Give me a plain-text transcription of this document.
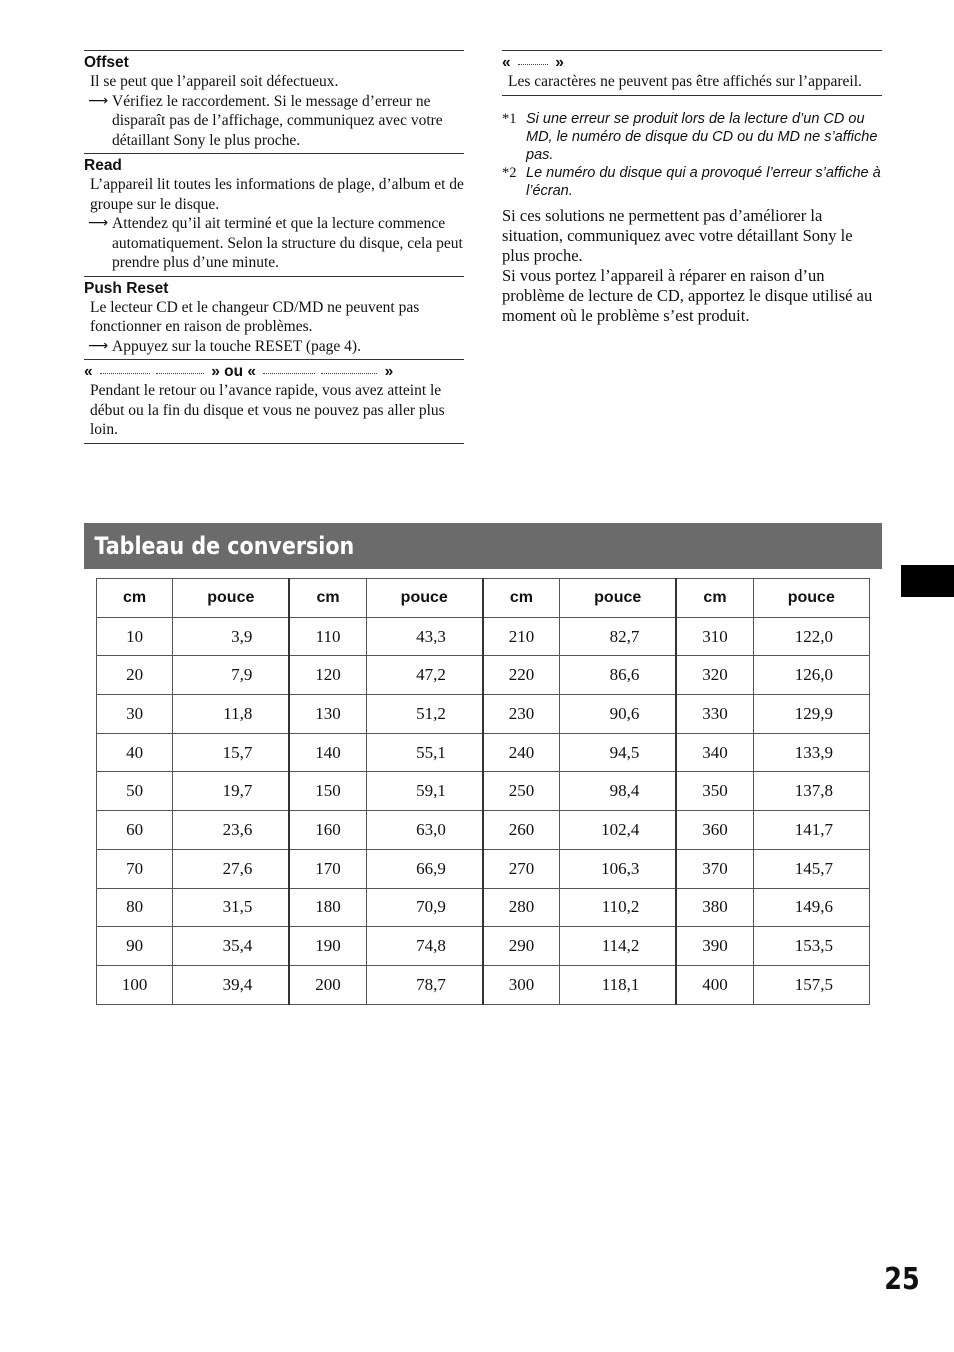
Offset
Il se peut que l’appareil soit défectueux.
⟶ Vérifiez le raccordement. Si le message d’erreur ne disparaît pas de l’affichage, communiquez avec votre détaillant Sony le plus proche.
Read
L’appareil lit toutes les informations de plage, d’album et de groupe sur le disque.
⟶ Attendez qu’il ait terminé et que la lecture commence automatiquement. Selon la structure du disque, cela peut prendre plus d’une minute.
Push Reset
Le lecteur CD et le changeur CD/MD ne peuvent pas fonctionner en raison de problèmes.
⟶ Appuyez sur la touche RESET (page 4).
«	» ou «	»
Pendant le retour ou l’avance rapide, vous avez atteint le début ou la fin du disque et vous ne pouvez pas aller plus loin.
«	»
Les caractères ne peuvent pas être affichés sur l’appareil.
*1 Si une erreur se produit lors de la lecture d’un CD ou MD, le numéro de disque du CD ou du MD ne s’affiche pas.
*2 Le numéro du disque qui a provoqué l’erreur s’affiche à l’écran.
Si ces solutions ne permettent pas d’améliorer la situation, communiquez avec votre détaillant Sony le plus proche.
Si vous portez l’appareil à réparer en raison d’un problème de lecture de CD, apportez le disque utilisé au moment où le problème s’est produit.
Tableau de conversion
cm	pouce	cm	pouce	cm	pouce	cm	pouce
10	3,9	110	43,3	210	82,7	310	122,0
20	7,9	120	47,2	220	86,6	320	126,0
30	11,8	130	51,2	230	90,6	330	129,9
40	15,7	140	55,1	240	94,5	340	133,9
50	19,7	150	59,1	250	98,4	350	137,8
60	23,6	160	63,0	260	102,4	360	141,7
70	27,6	170	66,9	270	106,3	370	145,7
80	31,5	180	70,9	280	110,2	380	149,6
90	35,4	190	74,8	290	114,2	390	153,5
100	39,4	200	78,7	300	118,1	400	157,5
25
